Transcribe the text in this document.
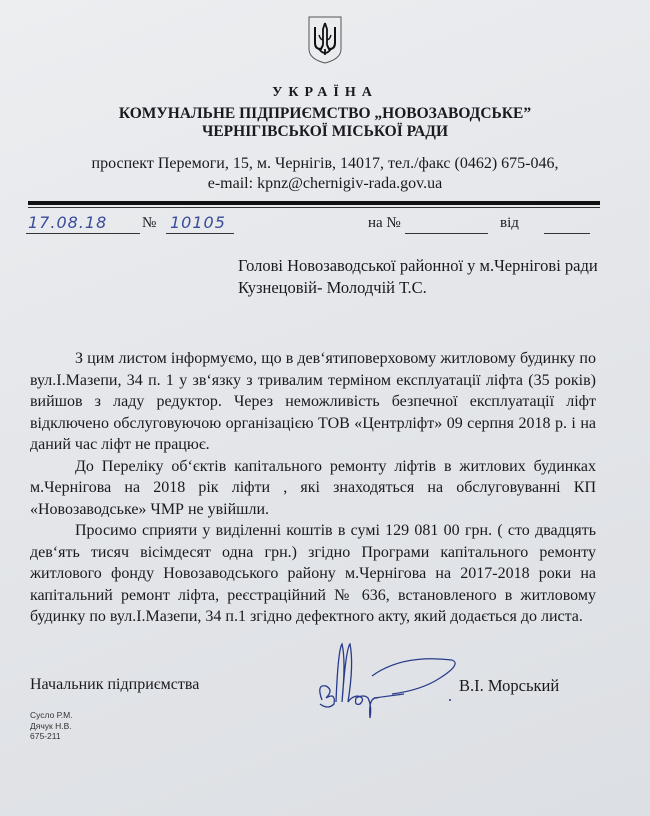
УКРАЇНА
КОМУНАЛЬНЕ ПІДПРИЄМСТВО „НОВОЗАВОДСЬКЕ”
ЧЕРНІГІВСЬКОЇ МІСЬКОЇ РАДИ
проспект Перемоги, 15, м. Чернігів, 14017, тел./факс (0462) 675-046,
e-mail: kpnz@chernigiv-rada.gov.ua
17.08.18	№ 10105	на №	від
Голові Новозаводської районної у м.Чернігові ради
Кузнецовій- Молодчій Т.С.

З цим листом інформуємо, що в дев‘ятиповерховому житловому будинку по вул.І.Мазепи, 34 п. 1 у зв‘язку з тривалим терміном експлуатації ліфта (35 років) вийшов з ладу редуктор. Через неможливість безпечної експлуатації ліфт відключено обслуговуючою організацією ТОВ «Центрліфт» 09 серпня 2018 р. і на даний час ліфт не працює.

До Переліку об‘єктів капітального ремонту ліфтів в житлових будинках м.Чернігова на 2018 рік ліфти , які знаходяться на обслуговуванні КП «Новозаводське» ЧМР не увійшли.

Просимо сприяти у виділенні коштів в сумі 129 081 00 грн. ( сто двадцять дев‘ять тисяч вісімдесят одна грн.) згідно Програми капітального ремонту житлового фонду Новозаводського району м.Чернігова на 2017-2018 роки на капітальний ремонт ліфта, реєстраційний № 636, встановленого в житловому будинку по вул.І.Мазепи, 34 п.1 згідно дефектного акту, який додається до листа.

Начальник підприємства	В.І. Морський
Сусло Р.М.
Дячук Н.В.
675-211
